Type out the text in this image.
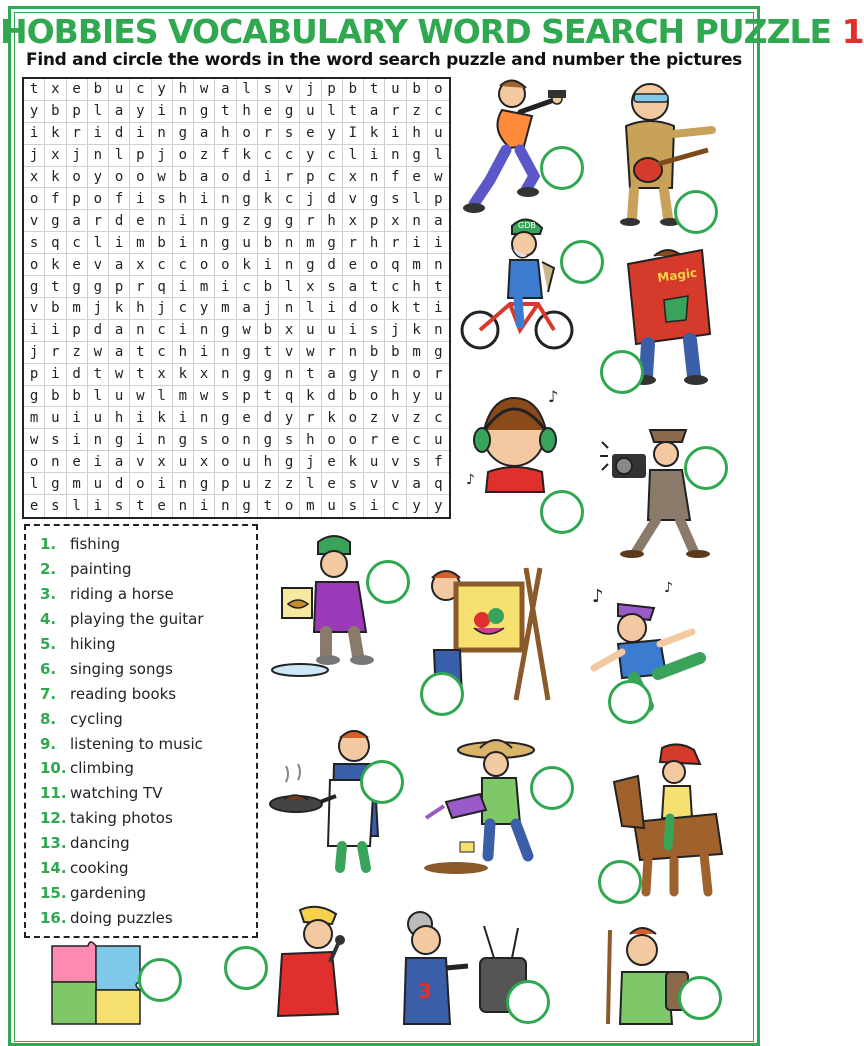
HOBBIES VOCABULARY WORD SEARCH PUZZLE 1
Find and circle the words in the word search puzzle and number the pictures
t x e b u c y h w a l s v j p b t u b o
y b p l a y i n g t h e g u l t a r z c
i k r i d i n g a h o r s e y I k i h u
j x j n l p j o z f k c c y c l i n g l
x k o y o o w b a o d i r p c x n f e w
o f p o f i s h i n g k c j d v g s l p
v g a r d e n i n g z g g r h x p x n a
s q c l i m b i n g u b n m g r h r i i
o k e v a x c c o o k i n g d e o q m n
g t g g p r q i m i c b l x s a t c h t
v b m j k h j c y m a j n l i d o k t i
i i p d a n c i n g w b x u u i s j k n
j r z w a t c h i n g t v w r n b b m g
p i d t w t x k x n g g n t a g y n o r
g b b l u w l m w s p t q k d b o h y u
m u i u h i k i n g e d y r k o z v z c
w s i n g i n g s o n g s h o o r e c u
o n e i a v x u x o u h g j e k u v s f
l g m u d o i n g p u z z l e s v v a q
e s l i s t e n i n g t o m u s i c y y
1. fishing
2. painting
3. riding a horse
4. playing the guitar
5. hiking
6. singing songs
7. reading books
8. cycling
9. listening to music
10. climbing
11. watching TV
12. taking photos
13. dancing
14. cooking
15. gardening
16. doing puzzles
GDB
Magic
♪
♪
♪	♪
3
